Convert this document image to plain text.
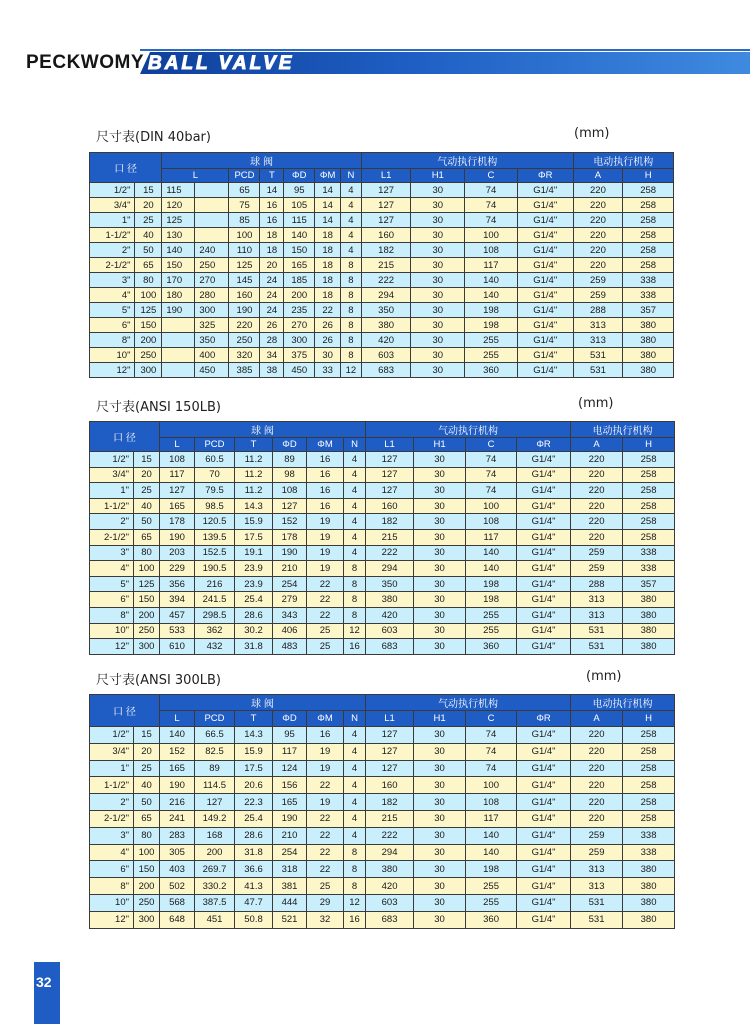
PECKWOMY BALL VALVE
尺寸表(DIN 40bar)	(mm)
口 径		球 阀							气动执行机构				电动执行机构	
		L		PCD	T	ΦD	ΦM	N	L1	H1	C	ΦR	A	H
1/2"	15	115		65	14	95	14	4	127	30	74	G1/4"	220	258
3/4"	20	120		75	16	105	14	4	127	30	74	G1/4"	220	258
1"	25	125		85	16	115	14	4	127	30	74	G1/4"	220	258
1-1/2"	40	130		100	18	140	18	4	160	30	100	G1/4"	220	258
2"	50	140	240	110	18	150	18	4	182	30	108	G1/4"	220	258
2-1/2"	65	150	250	125	20	165	18	8	215	30	117	G1/4"	220	258
3"	80	170	270	145	24	185	18	8	222	30	140	G1/4"	259	338
4"	100	180	280	160	24	200	18	8	294	30	140	G1/4"	259	338
5"	125	190	300	190	24	235	22	8	350	30	198	G1/4"	288	357
6"	150		325	220	26	270	26	8	380	30	198	G1/4"	313	380
8"	200		350	250	28	300	26	8	420	30	255	G1/4"	313	380
10"	250		400	320	34	375	30	8	603	30	255	G1/4"	531	380
12"	300		450	385	38	450	33	12	683	30	360	G1/4"	531	380
尺寸表(ANSI 150LB)	(mm)
口 径		球 阀						气动执行机构				电动执行机构	
		L	PCD	T	ΦD	ΦM	N	L1	H1	C	ΦR	A	H
1/2"	15	108	60.5	11.2	89	16	4	127	30	74	G1/4"	220	258
3/4"	20	117	70	11.2	98	16	4	127	30	74	G1/4"	220	258
1"	25	127	79.5	11.2	108	16	4	127	30	74	G1/4"	220	258
1-1/2"	40	165	98.5	14.3	127	16	4	160	30	100	G1/4"	220	258
2"	50	178	120.5	15.9	152	19	4	182	30	108	G1/4"	220	258
2-1/2"	65	190	139.5	17.5	178	19	4	215	30	117	G1/4"	220	258
3"	80	203	152.5	19.1	190	19	4	222	30	140	G1/4"	259	338
4"	100	229	190.5	23.9	210	19	8	294	30	140	G1/4"	259	338
5"	125	356	216	23.9	254	22	8	350	30	198	G1/4"	288	357
6"	150	394	241.5	25.4	279	22	8	380	30	198	G1/4"	313	380
8"	200	457	298.5	28.6	343	22	8	420	30	255	G1/4"	313	380
10"	250	533	362	30.2	406	25	12	603	30	255	G1/4"	531	380
12"	300	610	432	31.8	483	25	16	683	30	360	G1/4"	531	380
尺寸表(ANSI 300LB)	(mm)
口 径		球 阀						气动执行机构				电动执行机构	
		L	PCD	T	ΦD	ΦM	N	L1	H1	C	ΦR	A	H
1/2"	15	140	66.5	14.3	95	16	4	127	30	74	G1/4"	220	258
3/4"	20	152	82.5	15.9	117	19	4	127	30	74	G1/4"	220	258
1"	25	165	89	17.5	124	19	4	127	30	74	G1/4"	220	258
1-1/2"	40	190	114.5	20.6	156	22	4	160	30	100	G1/4"	220	258
2"	50	216	127	22.3	165	19	4	182	30	108	G1/4"	220	258
2-1/2"	65	241	149.2	25.4	190	22	4	215	30	117	G1/4"	220	258
3"	80	283	168	28.6	210	22	4	222	30	140	G1/4"	259	338
4"	100	305	200	31.8	254	22	8	294	30	140	G1/4"	259	338
6"	150	403	269.7	36.6	318	22	8	380	30	198	G1/4"	313	380
8"	200	502	330.2	41.3	381	25	8	420	30	255	G1/4"	313	380
10"	250	568	387.5	47.7	444	29	12	603	30	255	G1/4"	531	380
12"	300	648	451	50.8	521	32	16	683	30	360	G1/4"	531	380
32
